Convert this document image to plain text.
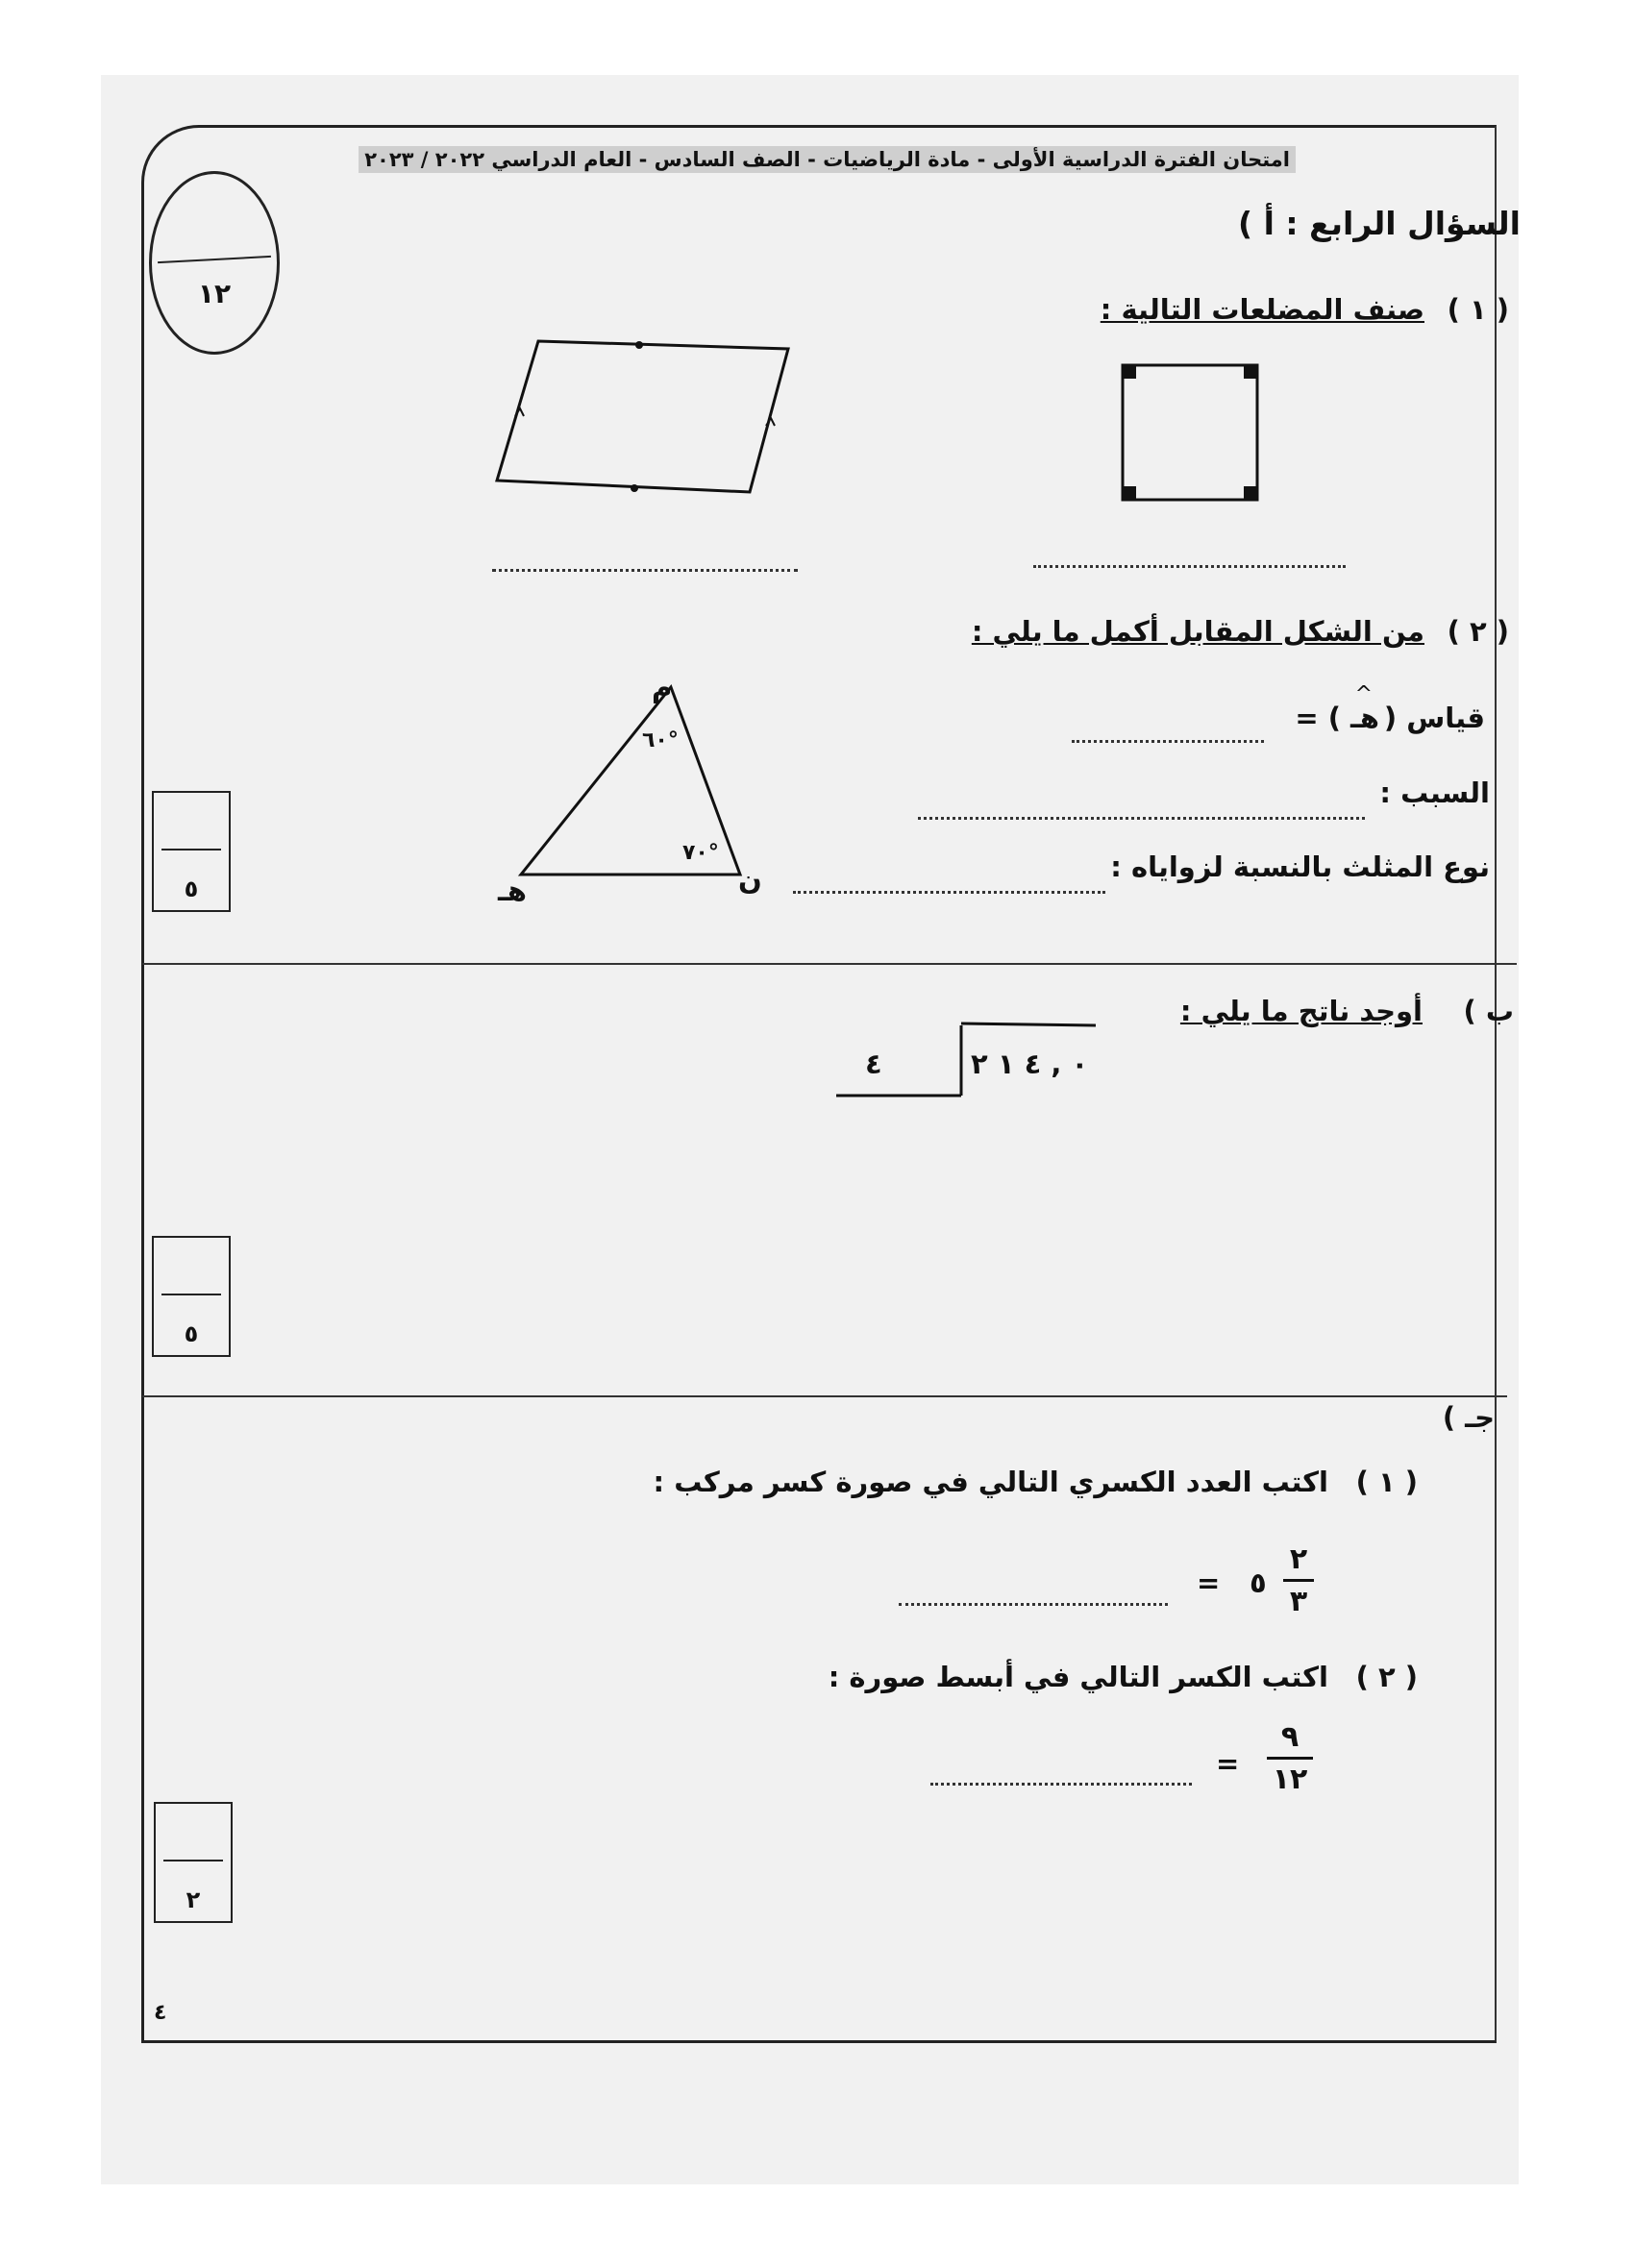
امتحان الفترة الدراسية الأولى - مادة الرياضيات - الصف السادس - العام الدراسي ٢٠٢٢ / ٢٠٢٣
١٢
السؤال الرابع : أ )
( ١ )
صنف المضلعات التالية :
( ٢ )
من الشكل المقابل أكمل ما يلي :
قياس (
هـ
^
) =
السبب :
نوع المثلث بالنسبة لزواياه :
م
هـ	ن
٦٠°
٧٠°
٥
ب )
أوجد ناتج ما يلي :
٤	٠ , ٤ ١ ٢
٥
جـ )
( ١ )
اكتب العدد الكسري التالي في صورة كسر مركب :
٢
٣
٥
=
( ٢ )
اكتب الكسر التالي في أبسط صورة :
٩
١٢
=
٢
٤
